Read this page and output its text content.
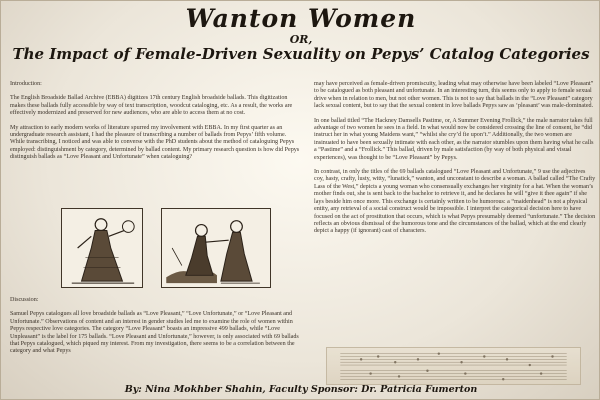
Wanton Women
OR,
The Impact of Female-Driven Sexuality on Pepys’ Catalog Categories

Introduction:

The English Broadside Ballad Archive (EBBA) digitizes 17th century English broadside ballads. This digitization makes these ballads fully accessible by way of text transcription, woodcut cataloging, etc. As a result, the works are effectively modernized and preserved for new audiences, who are able to access them at no cost.

My attraction to early modern works of literature spurred my involvement with EBBA. In my first quarter as an undergraduate research assistant, I had the pleasure of transcribing a number of ballads from Pepys’ fifth volume. While transcribing, I noticed and was able to converse with the PhD students about the method of cataloguing Pepys employed: distinguishment by category, determined by ballad content. My primary research question is how did Pepys distinguish ballads as “Love Pleasant and Unfortunate” when cataloguing?

Discussion:

Samuel Pepys catalogues all love broadside ballads as “Love Pleasant,” “Love Unfortunate,” or “Love Pleasant and Unfortunate.” Observations of content and an interest in gender studies led me to examine the role of women within Pepys respective love categories. The category “Love Pleasant” boasts an impressive 499 ballads, while “Love Unpleasant” is the label for 175 ballads. “Love Pleasant and Unfortunate,” however, is only associated with 69 ballads that Pepys catalogued, which piqued my interest. From my investigation, there seems to be a correlation between the category and what Pepys

may have perceived as female-driven promiscuity, leading what may otherwise have been labeled “Love Pleasant” to be catalogued as both pleasant and unfortunate. In an interesting turn, this seems only to apply to female sexual drive when in relation to men, but not other women. This is not to say that ballads in the “Love Pleasant” category lack sexual content, but to say that the sexual content in love ballads Pepys saw as ‘pleasant’ was male-dominated.

In one ballad titled “The Hackney Damsells Pastime, or, A Summer Evening Frollick,” the male narrator takes full advantage of two women he sees in a field. In what would now be considered crossing the line of consent, he “did instruct her in what young Maidens want,” “whilst she cry’d fie upon’t.” Additionally, the two women are insinuated to have been sexually intimate with each other, as the narrator stumbles upon them having what he calls a “Pastime” and a “Frollick.” This ballad, driven by male satisfaction (by way of both physical and visual experiences), was thought to be “Love Pleasant” by Pepys.

In contrast, in only the titles of the 69 ballads catalogued “Love Pleasant and Unfortunate,” 9 use the adjectives coy, hasty, crafty, lusty, witty, “lunatick,” wanton, and unconstant to describe a woman. A ballad called “The Crafty Lass of the West,” depicts a young woman who consensually exchanges her virginity for a hat. When the woman’s mother finds out, she is sent back to the bachelor to retrieve it, and he declares he will “give it thee again” if she lays beside him once more. This exchange is certainly written to be humorous: a “maidenhead” is not a physical entity, any retrieval of a social construct would be impossible. I interpret the categorical decision here to have focused on the act of prostitution that occurs, which is what Pepys presumably deemed “unfortunate.” The decision reflects an obvious dismissal of the humorous tone and the circumstances of the ballad, which at the end clearly depict a happy (if ignorant) cast of characters.

By: Nina Mokhber Shahin, Faculty Sponsor: Dr. Patricia Fumerton
